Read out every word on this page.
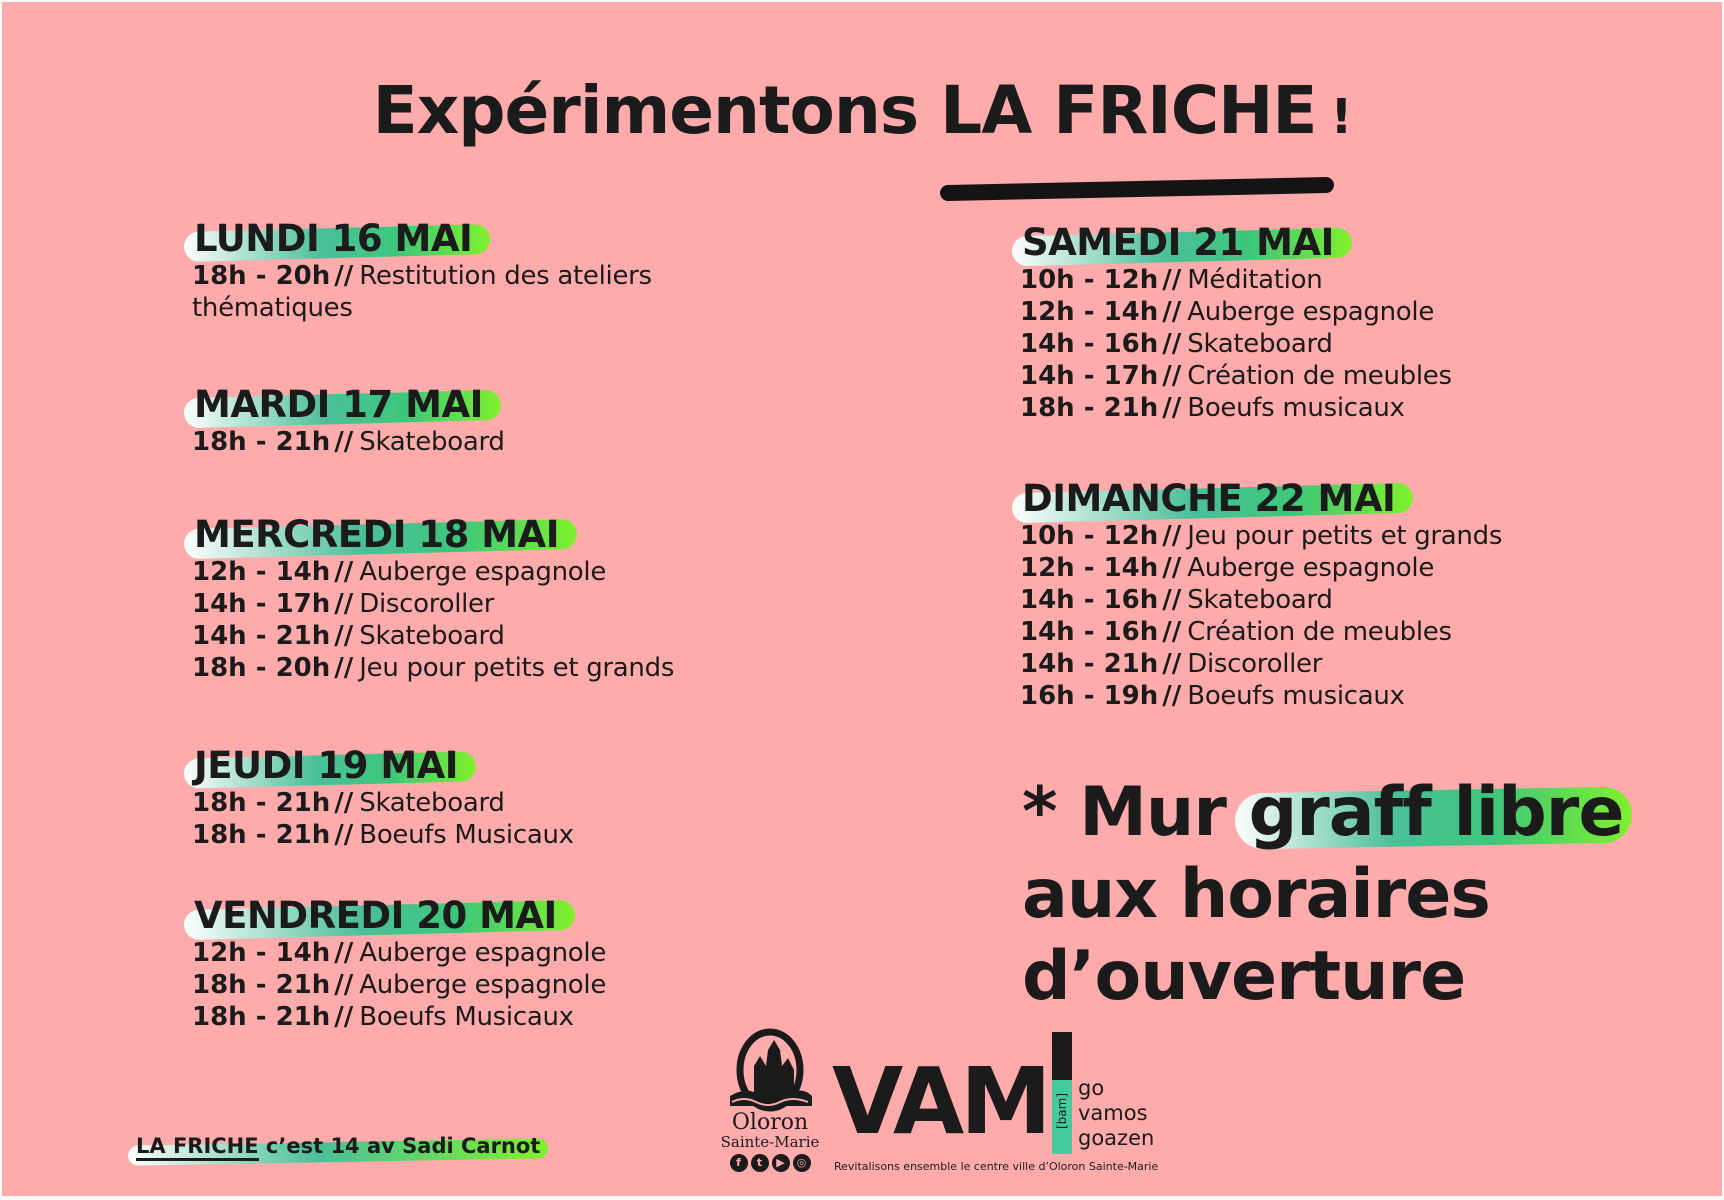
Expérimentons LA FRICHE !
LUNDI 16 MAI
18h - 20h // Restitution des ateliers
thématiques
MARDI 17 MAI
18h - 21h // Skateboard
MERCREDI 18 MAI
12h - 14h // Auberge espagnole
14h - 17h // Discoroller
14h - 21h // Skateboard
18h - 20h // Jeu pour petits et grands
JEUDI 19 MAI
18h - 21h // Skateboard
18h - 21h // Boeufs Musicaux
VENDREDI 20 MAI
12h - 14h // Auberge espagnole
18h - 21h // Auberge espagnole
18h - 21h // Boeufs Musicaux
SAMEDI 21 MAI
10h - 12h // Méditation
12h - 14h // Auberge espagnole
14h - 16h // Skateboard
14h - 17h // Création de meubles
18h - 21h // Boeufs musicaux
DIMANCHE 22 MAI
10h - 12h // Jeu pour petits et grands
12h - 14h // Auberge espagnole
14h - 16h // Skateboard
14h - 16h // Création de meubles
14h - 21h // Discoroller
16h - 19h // Boeufs musicaux
* Mur graff libre
aux horaires
d’ouverture
LA FRICHE c’est 14 av Sadi Carnot
Oloron
Sainte-Marie
f	t	▶	◎
VAM [bam]
go
vamos
goazen
Revitalisons ensemble le centre ville d’Oloron Sainte-Marie
